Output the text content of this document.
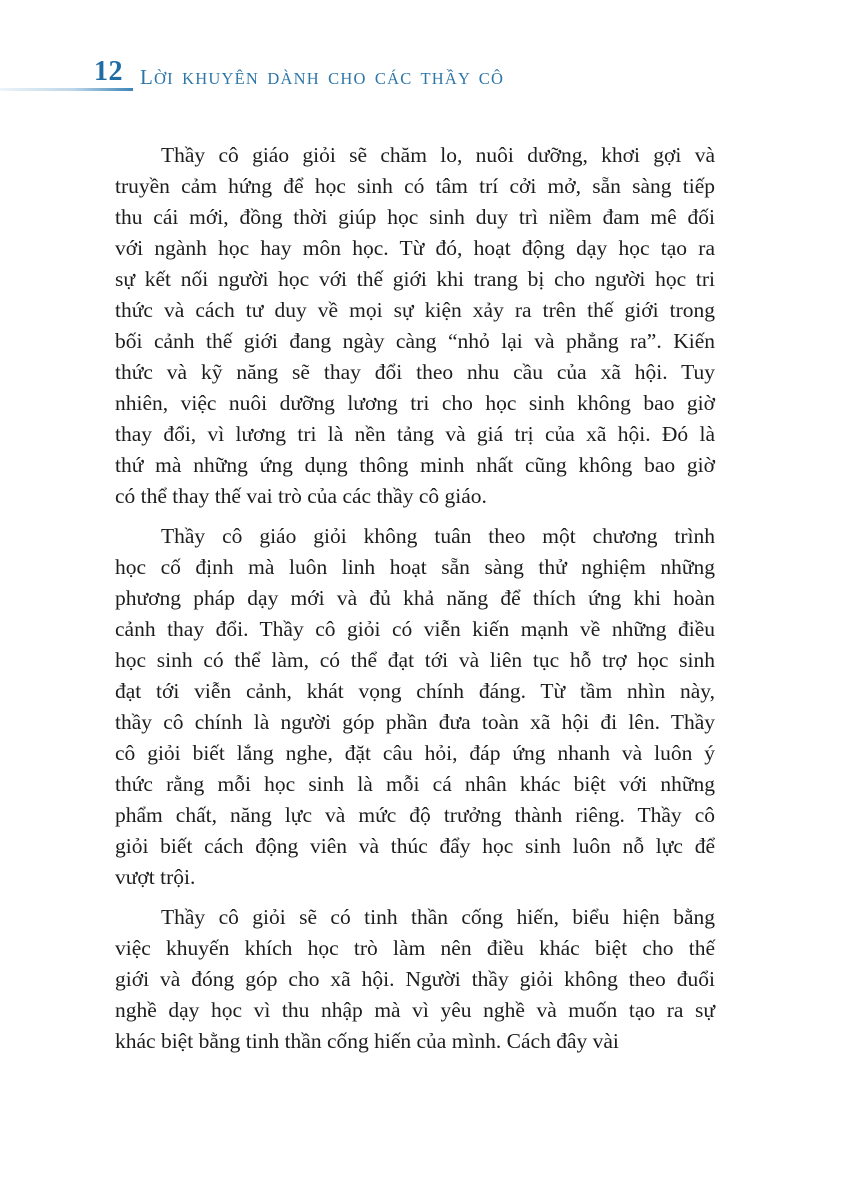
12 LỜI KHUYÊN DÀNH CHO CÁC THẦY CÔ

Thầy cô giáo giỏi sẽ chăm lo, nuôi dưỡng, khơi gợi và
truyền cảm hứng để học sinh có tâm trí cởi mở, sẵn sàng tiếp
thu cái mới, đồng thời giúp học sinh duy trì niềm đam mê đối
với ngành học hay môn học. Từ đó, hoạt động dạy học tạo ra
sự kết nối người học với thế giới khi trang bị cho người học tri
thức và cách tư duy về mọi sự kiện xảy ra trên thế giới trong
bối cảnh thế giới đang ngày càng “nhỏ lại và phẳng ra”. Kiến
thức và kỹ năng sẽ thay đổi theo nhu cầu của xã hội. Tuy
nhiên, việc nuôi dưỡng lương tri cho học sinh không bao giờ
thay đổi, vì lương tri là nền tảng và giá trị của xã hội. Đó là
thứ mà những ứng dụng thông minh nhất cũng không bao giờ
có thể thay thế vai trò của các thầy cô giáo.

Thầy cô giáo giỏi không tuân theo một chương trình
học cố định mà luôn linh hoạt sẵn sàng thử nghiệm những
phương pháp dạy mới và đủ khả năng để thích ứng khi hoàn
cảnh thay đổi. Thầy cô giỏi có viễn kiến mạnh về những điều
học sinh có thể làm, có thể đạt tới và liên tục hỗ trợ học sinh
đạt tới viễn cảnh, khát vọng chính đáng. Từ tầm nhìn này,
thầy cô chính là người góp phần đưa toàn xã hội đi lên. Thầy
cô giỏi biết lắng nghe, đặt câu hỏi, đáp ứng nhanh và luôn ý
thức rằng mỗi học sinh là mỗi cá nhân khác biệt với những
phẩm chất, năng lực và mức độ trưởng thành riêng. Thầy cô
giỏi biết cách động viên và thúc đẩy học sinh luôn nỗ lực để
vượt trội.

Thầy cô giỏi sẽ có tinh thần cống hiến, biểu hiện bằng
việc khuyến khích học trò làm nên điều khác biệt cho thế
giới và đóng góp cho xã hội. Người thầy giỏi không theo đuổi
nghề dạy học vì thu nhập mà vì yêu nghề và muốn tạo ra sự
khác biệt bằng tinh thần cống hiến của mình. Cách đây vài
